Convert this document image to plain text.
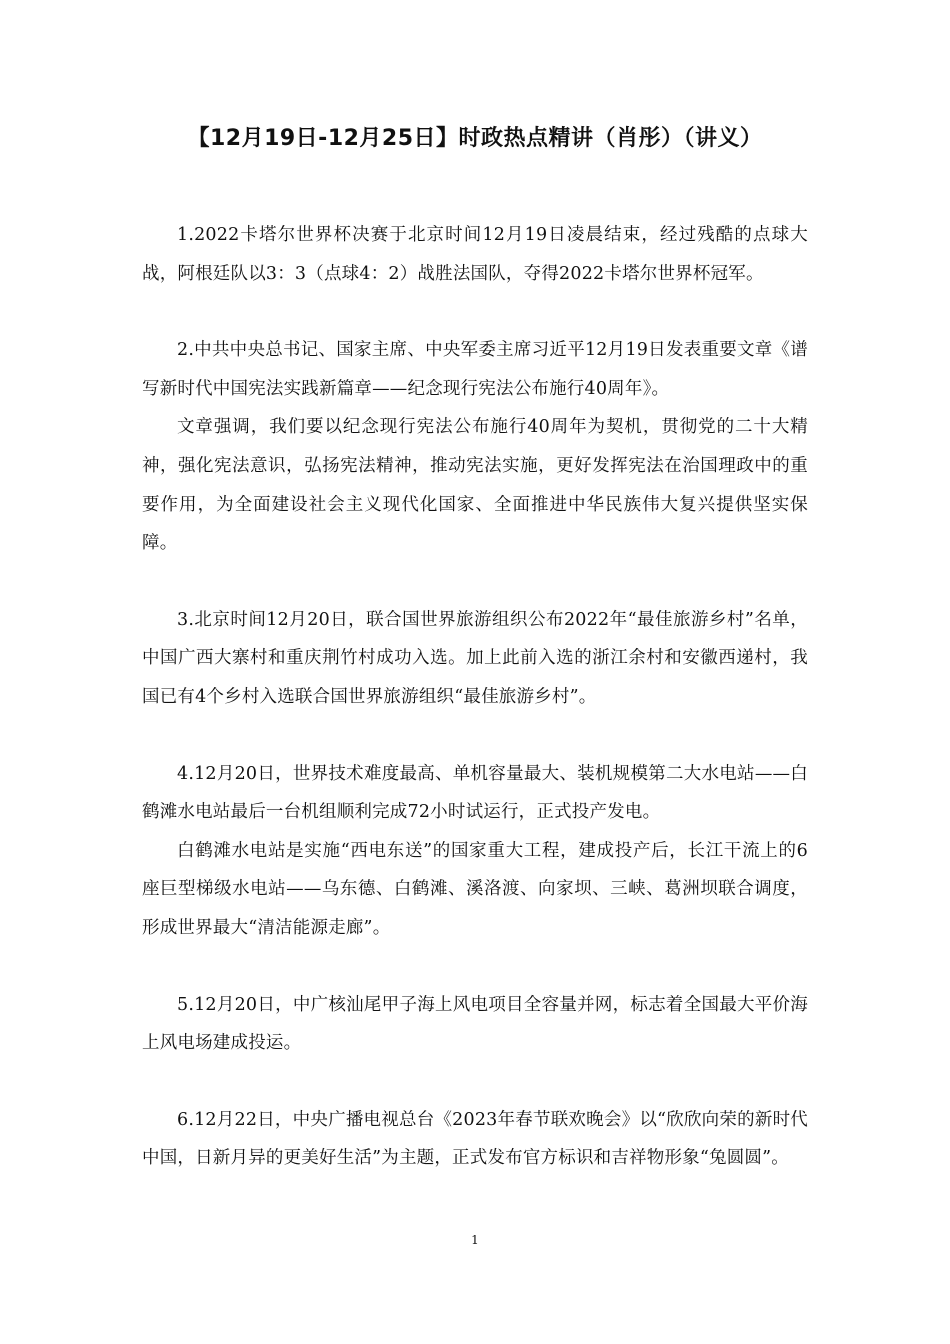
【12月19日-12月25日】时政热点精讲（肖彤）（讲义）

1.2022卡塔尔世界杯决赛于北京时间12月19日凌晨结束，经过残酷的点球大战，阿根廷队以3：3（点球4：2）战胜法国队，夺得2022卡塔尔世界杯冠军。

2.中共中央总书记、国家主席、中央军委主席习近平12月19日发表重要文章《谱写新时代中国宪法实践新篇章——纪念现行宪法公布施行40周年》。

文章强调，我们要以纪念现行宪法公布施行40周年为契机，贯彻党的二十大精神，强化宪法意识，弘扬宪法精神，推动宪法实施，更好发挥宪法在治国理政中的重要作用，为全面建设社会主义现代化国家、全面推进中华民族伟大复兴提供坚实保障。

3.北京时间12月20日，联合国世界旅游组织公布2022年“最佳旅游乡村”名单，中国广西大寨村和重庆荆竹村成功入选。加上此前入选的浙江余村和安徽西递村，我国已有4个乡村入选联合国世界旅游组织“最佳旅游乡村”。

4.12月20日，世界技术难度最高、单机容量最大、装机规模第二大水电站——白鹤滩水电站最后一台机组顺利完成72小时试运行，正式投产发电。

白鹤滩水电站是实施“西电东送”的国家重大工程，建成投产后，长江干流上的6座巨型梯级水电站——乌东德、白鹤滩、溪洛渡、向家坝、三峡、葛洲坝联合调度，形成世界最大“清洁能源走廊”。

5.12月20日，中广核汕尾甲子海上风电项目全容量并网，标志着全国最大平价海上风电场建成投运。

6.12月22日，中央广播电视总台《2023年春节联欢晚会》以“欣欣向荣的新时代中国，日新月异的更美好生活”为主题，正式发布官方标识和吉祥物形象“兔圆圆”。

1
